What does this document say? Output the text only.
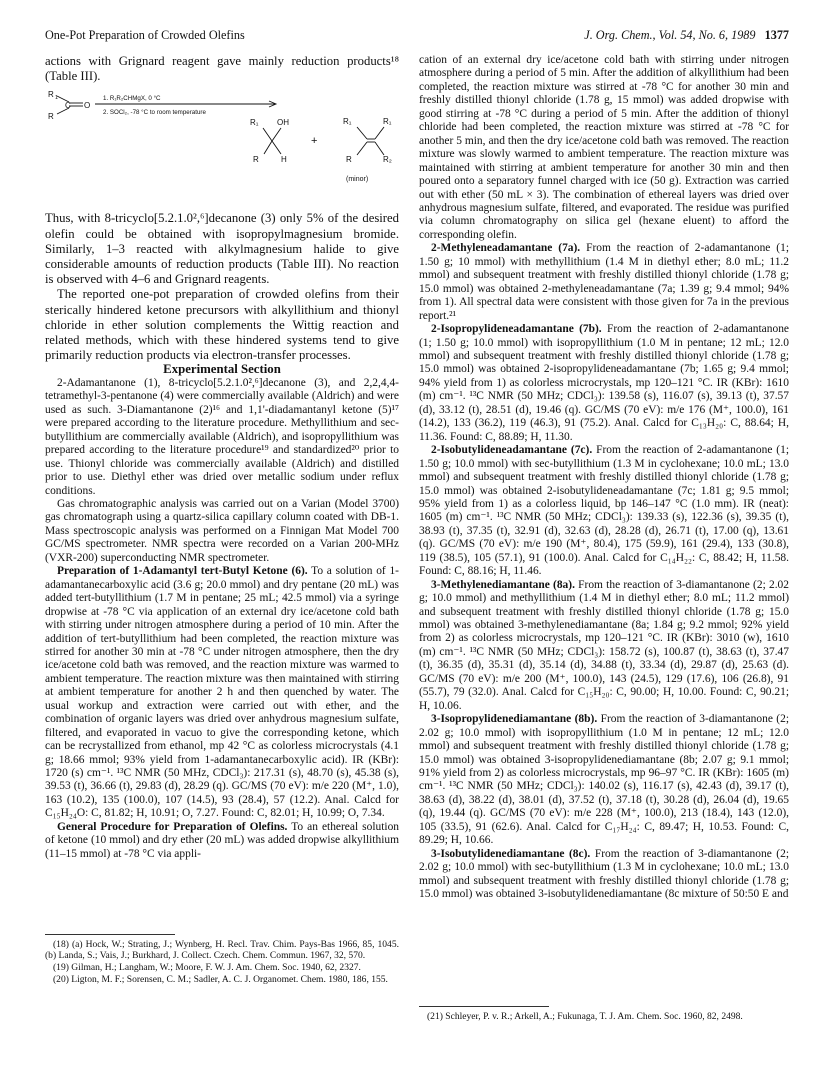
One-Pot Preparation of Crowded Olefins	J. Org. Chem., Vol. 54, No. 6, 1989 1377

actions with Grignard reagent gave mainly reduction products¹⁸ (Table III).

R 1
C O
R
1. R₁R₂CHMgX, 0 °C
2. SOCl₂, -78 °C to room temperature
R₁ OH
R	H
+
R₁	R₁
R	R₂
(minor)

Thus, with 8-tricyclo[5.2.1.0²,⁶]decanone (3) only 5% of the desired olefin could be obtained with isopropylmagnesium bromide. Similarly, 1–3 reacted with alkylmagnesium halide to give considerable amounts of reduction products (Table III). No reaction is observed with 4–6 and Grignard reagents.

The reported one-pot preparation of crowded olefins from their sterically hindered ketone precursors with alkyllithium and thionyl chloride in ether solution complements the Wittig reaction and related methods, which with these hindered systems tend to give primarily reduction products via electron-transfer processes.

Experimental Section

2-Adamantanone (1), 8-tricyclo[5.2.1.0²,⁶]decanone (3), and 2,2,4,4-tetramethyl-3-pentanone (4) were commercially available (Aldrich) and were used as such. 3-Diamantanone (2)¹⁶ and 1,1'-diadamantanyl ketone (5)¹⁷ were prepared according to the literature procedure. Methyllithium and sec-butyllithium are commercially available (Aldrich), and isopropyllithium was prepared according to the literature procedure¹⁹ and standardized²⁰ prior to use. Thionyl chloride was commercially available (Aldrich) and distilled prior to use. Diethyl ether was dried over metallic sodium under reflux conditions.

Gas chromatographic analysis was carried out on a Varian (Model 3700) gas chromatograph using a quartz-silica capillary column coated with DB-1. Mass spectroscopic analysis was performed on a Finnigan Mat Model 700 GC/MS spectrometer. NMR spectra were recorded on a Varian 200-MHz (VXR-200) superconducting NMR spectrometer.

Preparation of 1-Adamantyl tert-Butyl Ketone (6). To a solution of 1-adamantanecarboxylic acid (3.6 g; 20.0 mmol) and dry pentane (20 mL) was added tert-butyllithium (1.7 M in pentane; 25 mL; 42.5 mmol) via a syringe dropwise at -78 °C via application of an external dry ice/acetone cold bath with stirring under nitrogen atmosphere during a period of 10 min. After the addition of tert-butyllithium had been completed, the reaction mixture was stirred for another 30 min at -78 °C under nitrogen atmosphere, then the dry ice/acetone cold bath was removed, and the reaction mixture was warmed to ambient temperature. The reaction mixture was then maintained with stirring at ambient temperature for another 2 h and then quenched by water. The usual workup and extraction were carried out with ether, and the combination of organic layers was dried over anhydrous magnesium sulfate, filtered, and evaporated in vacuo to give the corresponding ketone, which can be recrystallized from ethanol, mp 42 °C as colorless microcrystals (4.1 g; 18.66 mmol; 93% yield from 1-adamantanecarboxylic acid). IR (KBr): 1720 (s) cm⁻¹. ¹³C NMR (50 MHz, CDCl₃): 217.31 (s), 48.70 (s), 45.38 (s), 39.53 (t), 36.66 (t), 29.83 (d), 28.29 (q). GC/MS (70 eV): m/e 220 (M⁺, 1.0), 163 (10.2), 135 (100.0), 107 (14.5), 93 (28.4), 57 (12.2). Anal. Calcd for C₁₅H₂₄O: C, 81.82; H, 10.91; O, 7.27. Found: C, 82.01; H, 10.99; O, 7.34.

General Procedure for Preparation of Olefins. To an ethereal solution of ketone (10 mmol) and dry ether (20 mL) was added dropwise alkyllithium (11–15 mmol) at -78 °C via appli-

cation of an external dry ice/acetone cold bath with stirring under nitrogen atmosphere during a period of 5 min. After the addition of alkyllithium had been completed, the reaction mixture was stirred at -78 °C for another 30 min and freshly distilled thionyl chloride (1.78 g, 15 mmol) was added dropwise with good stirring at -78 °C during a period of 5 min. After the addition of thionyl chloride had been completed, the reaction mixture was stirred at -78 °C for another 5 min, and then the dry ice/acetone cold bath was removed. The reaction mixture was slowly warmed to ambient temperature. The reaction mixture was maintained with stirring at ambient temperature for another 30 min and then poured onto a separatory funnel charged with ice (50 g). Extraction was carried out with ether (50 mL × 3). The combination of ethereal layers was dried over anhydrous magnesium sulfate, filtered, and evaporated. The residue was purified via column chromatography on silica gel (hexane eluent) to afford the corresponding olefin.

2-Methyleneadamantane (7a). From the reaction of 2-adamantanone (1; 1.50 g; 10 mmol) with methyllithium (1.4 M in diethyl ether; 8.0 mL; 11.2 mmol) and subsequent treatment with freshly distilled thionyl chloride (1.78 g; 15.0 mmol) was obtained 2-methyleneadamantane (7a; 1.39 g; 9.4 mmol; 94% from 1). All spectral data were consistent with those given for 7a in the previous report.²¹

2-Isopropylideneadamantane (7b). From the reaction of 2-adamantanone (1; 1.50 g; 10.0 mmol) with isopropyllithium (1.0 M in pentane; 12 mL; 12.0 mmol) and subsequent treatment with freshly distilled thionyl chloride (1.78 g; 15.0 mmol) was obtained 2-isopropylideneadamantane (7b; 1.65 g; 9.4 mmol; 94% yield from 1) as colorless microcrystals, mp 120–121 °C. IR (KBr): 1610 (m) cm⁻¹. ¹³C NMR (50 MHz; CDCl₃): 139.58 (s), 116.07 (s), 39.13 (t), 37.57 (d), 33.12 (t), 28.51 (d), 19.46 (q). GC/MS (70 eV): m/e 176 (M⁺, 100.0), 161 (14.2), 133 (36.2), 119 (46.3), 91 (75.2). Anal. Calcd for C₁₃H₂₀: C, 88.64; H, 11.36. Found: C, 88.89; H, 11.30.

2-Isobutylideneadamantane (7c). From the reaction of 2-adamantanone (1; 1.50 g; 10.0 mmol) with sec-butyllithium (1.3 M in cyclohexane; 10.0 mL; 13.0 mmol) and subsequent treatment with freshly distilled thionyl chloride (1.78 g; 15.0 mmol) was obtained 2-isobutylideneadamantane (7c; 1.81 g; 9.5 mmol; 95% yield from 1) as a colorless liquid, bp 146–147 °C (1.0 mm). IR (neat): 1605 (m) cm⁻¹. ¹³C NMR (50 MHz; CDCl₃): 139.33 (s), 122.36 (s), 39.35 (t), 38.93 (t), 37.35 (t), 32.91 (d), 32.63 (d), 28.28 (d), 26.71 (t), 17.00 (q), 13.61 (q). GC/MS (70 eV): m/e 190 (M⁺, 80.4), 175 (59.9), 161 (29.4), 133 (30.8), 119 (38.5), 105 (57.1), 91 (100.0). Anal. Calcd for C₁₄H₂₂: C, 88.42; H, 11.58. Found: C, 88.16; H, 11.46.

3-Methylenediamantane (8a). From the reaction of 3-diamantanone (2; 2.02 g; 10.0 mmol) and methyllithium (1.4 M in diethyl ether; 8.0 mL; 11.2 mmol) and subsequent treatment with freshly distilled thionyl chloride (1.78 g; 15.0 mmol) was obtained 3-methylenediamantane (8a; 1.84 g; 9.2 mmol; 92% yield from 2) as colorless microcrystals, mp 120–121 °C. IR (KBr): 3010 (w), 1610 (m) cm⁻¹. ¹³C NMR (50 MHz; CDCl₃): 158.72 (s), 100.87 (t), 38.63 (t), 37.47 (t), 36.35 (d), 35.31 (d), 35.14 (d), 34.88 (t), 33.34 (d), 29.87 (d), 25.63 (d). GC/MS (70 eV): m/e 200 (M⁺, 100.0), 143 (24.5), 129 (17.6), 106 (26.8), 91 (55.7), 79 (32.0). Anal. Calcd for C₁₅H₂₀: C, 90.00; H, 10.00. Found: C, 90.21; H, 10.06.

3-Isopropylidenediamantane (8b). From the reaction of 3-diamantanone (2; 2.02 g; 10.0 mmol) with isopropyllithium (1.0 M in pentane; 12 mL; 12.0 mmol) and subsequent treatment with freshly distilled thionyl chloride (1.78 g; 15.0 mmol) was obtained 3-isopropylidenediamantane (8b; 2.07 g; 9.1 mmol; 91% yield from 2) as colorless microcrystals, mp 96–97 °C. IR (KBr): 1605 (m) cm⁻¹. ¹³C NMR (50 MHz; CDCl₃): 140.02 (s), 116.17 (s), 42.43 (d), 39.17 (t), 38.63 (d), 38.22 (d), 38.01 (d), 37.52 (t), 37.18 (t), 30.28 (d), 26.04 (d), 19.65 (q), 19.44 (q). GC/MS (70 eV): m/e 228 (M⁺, 100.0), 213 (18.4), 143 (12.0), 105 (33.5), 91 (62.6). Anal. Calcd for C₁₇H₂₄: C, 89.47; H, 10.53. Found: C, 89.29; H, 10.66.

3-Isobutylidenediamantane (8c). From the reaction of 3-diamantanone (2; 2.02 g; 10.0 mmol) with sec-butyllithium (1.3 M in cyclohexane; 10.0 mL; 13.0 mmol) and subsequent treatment with freshly distilled thionyl chloride (1.78 g; 15.0 mmol) was obtained 3-isobutylidenediamantane (8c mixture of 50:50 E and

(18) (a) Hock, W.; Strating, J.; Wynberg, H. Recl. Trav. Chim. Pays-Bas 1966, 85, 1045. (b) Landa, S.; Vais, J.; Burkhard, J. Collect. Czech. Chem. Commun. 1967, 32, 570.

(19) Gilman, H.; Langham, W.; Moore, F. W. J. Am. Chem. Soc. 1940, 62, 2327.

(20) Ligton, M. F.; Sorensen, C. M.; Sadler, A. C. J. Organomet. Chem. 1980, 186, 155.

(21) Schleyer, P. v. R.; Arkell, A.; Fukunaga, T. J. Am. Chem. Soc. 1960, 82, 2498.
